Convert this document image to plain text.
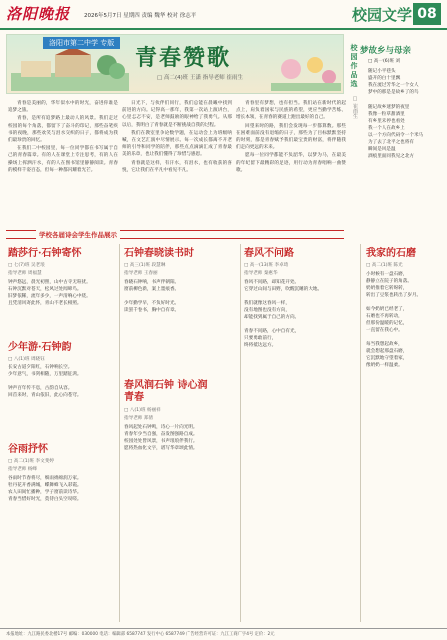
洛阳晚报	2026年5月7日 星期四 责编 魏华 校对 徐志平	校园文学 08
洛阳市第二中学 专版
青春赞歌
□ 高二(4)班 王潇 指导老师 崔雨生	校园作品选
□ 崔雨生
梦故乡与母亲
□ 高一(6)班 刘
随记小平巷头
盛开的白十里飘
我在流过芳华之一个女人
梦中的那是是故乡了的鸟

随记故乡迷梦的夜里
我像一粒草甜酒里
有乡里未停也看处
我一个人在故乡上
以一个方向代码令一个米马
为了去了北平之也将有
瞬间是风是温
酒痕里面同我见之北方

青春是美丽的，华年似水中的时光，奋进你谁是追梦之旅。

青春，是所有追梦路上最动人的风景。我们走过校园的每个角落，都留下了奋斗的印记，那些奋笔疾书的夜晚，那些欢笑与泪水交织的日子，都将成为我们最珍贵的回忆。

在我们二中校园里，每一位同学都在书写属于自己的青春篇章。有的人在课堂上专注思考，有的人在操场上挥洒汗水，有的人在图书馆里静静阅读。青春的模样千姿百态，但每一种都闪耀着光芒。

日光下，与伙伴们同行，我们总能在晨曦中找到前进的方向。记得高一那年，我第一次站上演讲台，心里忐忑不安，是老师鼓励的眼神给了我勇气。从那以后，我明白了青春就是不断挑战自我的过程。

我们在教室里争论数学题，在运动会上为班级呐喊，在文艺汇演中尽情展示。每一次成长都离不开老师的引导和同学的陪伴，那些点点滴滴汇成了青春最美的乐章，也让我们懂得了珍惜与感恩。

青春就是这样，有汗水，有泪水，也有收获的喜悦，它让我们在平凡中看见不凡。

青春里有梦想，也有担当。我们站在新时代的起点上，肩负着国家与民族的希望，更应当勤学苦练、增长本领，在青春的赛道上跑出最好的自己。

回望来时的路，我们会发现每一步都算数。那些在困难面前没有退缩的日子，那些为了目标默默坚持的时刻，都是青春赋予我们最宝贵的财富，将伴随我们走向更远的未来。

愿每一位同学都能不负韶华，以梦为马，在最美的年纪留下最精彩的足迹，用行动为青春唱响一曲赞歌。

学校各届诗会学生作品展示
踏莎行·石钟寄怀
□ 七(7)班 吴老琅
指导老师 周福慧
钟声悠远，晨光初照，山中古寺无喧扰。
石钟沉默对苍天，松风过处闻啼鸟。
旧梦依稀，流年多少，一声清响心中绕。
且凭清风寄此怀，青山不老长相照。
少年游·石钟韵
□ 八(1)班 周晓钰
长安古道夕阳红，石钟响长空。
少年意气，书剑相随，万里踏征鸿。

钟声百年传不息，古韵自从容。
回首来时，青山依旧，此心向苍穹。
谷雨抒怀
□ 高二(1)班 李文斐婷
指导老师 杨峰
谷雨时节春将尽，细雨绵绵润万家。
牡丹花开香满城，蝶舞蜂飞入彩霞。
农人田间忙播种，学子窗前读诗华。
青春当惜好时光，莫待白头空叹嗟。
石钟春晓读书时
□ 高三(1)班 段慧琳
指导老师 王春丽
春晓石钟响，书声伴朝阳。
窗前柳色新，案上墨痕香。

少年勤学早，不负好时光。
读罢千卷书，胸中自有章。
春风润石钟 诗心润青春
□ 八(1)班 杨丽祥
指导老师 郑倩
春风起处石钟鸣，诗心一片向光明。
青春年少当自强，奋发图强路自成。
校园处处皆风景，书声琅琅伴我行。
愿将热血化文字，谱写华章颂此情。
春风不问路
□ 高一(13)班 李卓琦
指导老师 秦惠华
春风不问路，却知花开处。
它穿过山间与田野，吹醒沉睡的大地。

我们就像这春风一样，
没有地图也没有方向，
却能找到属于自己的方向。

青春不问路，心中自有光，
只要勇敢前行，
终将抵达远方。
我家的石磨
□ 高二(1)班 陈光
小时候有一盘石磨，
静静立在院子的角落。
奶奶推着它转呀转，
转出了豆浆也转出了岁月。

如今奶奶已经老了，
石磨也不再转动，
但那份温暖的记忆，
一直留在我心中。

每当我想起故乡，
就会想起那盘石磨，
它沉默地守望着家，
像奶奶一样温柔。
本报地址：九江路民委北楼17号 邮编：030000 电话：编辑部 6587747 发行中心 6587749 广告经营许可证：九江工商广字4号 定价：2元
